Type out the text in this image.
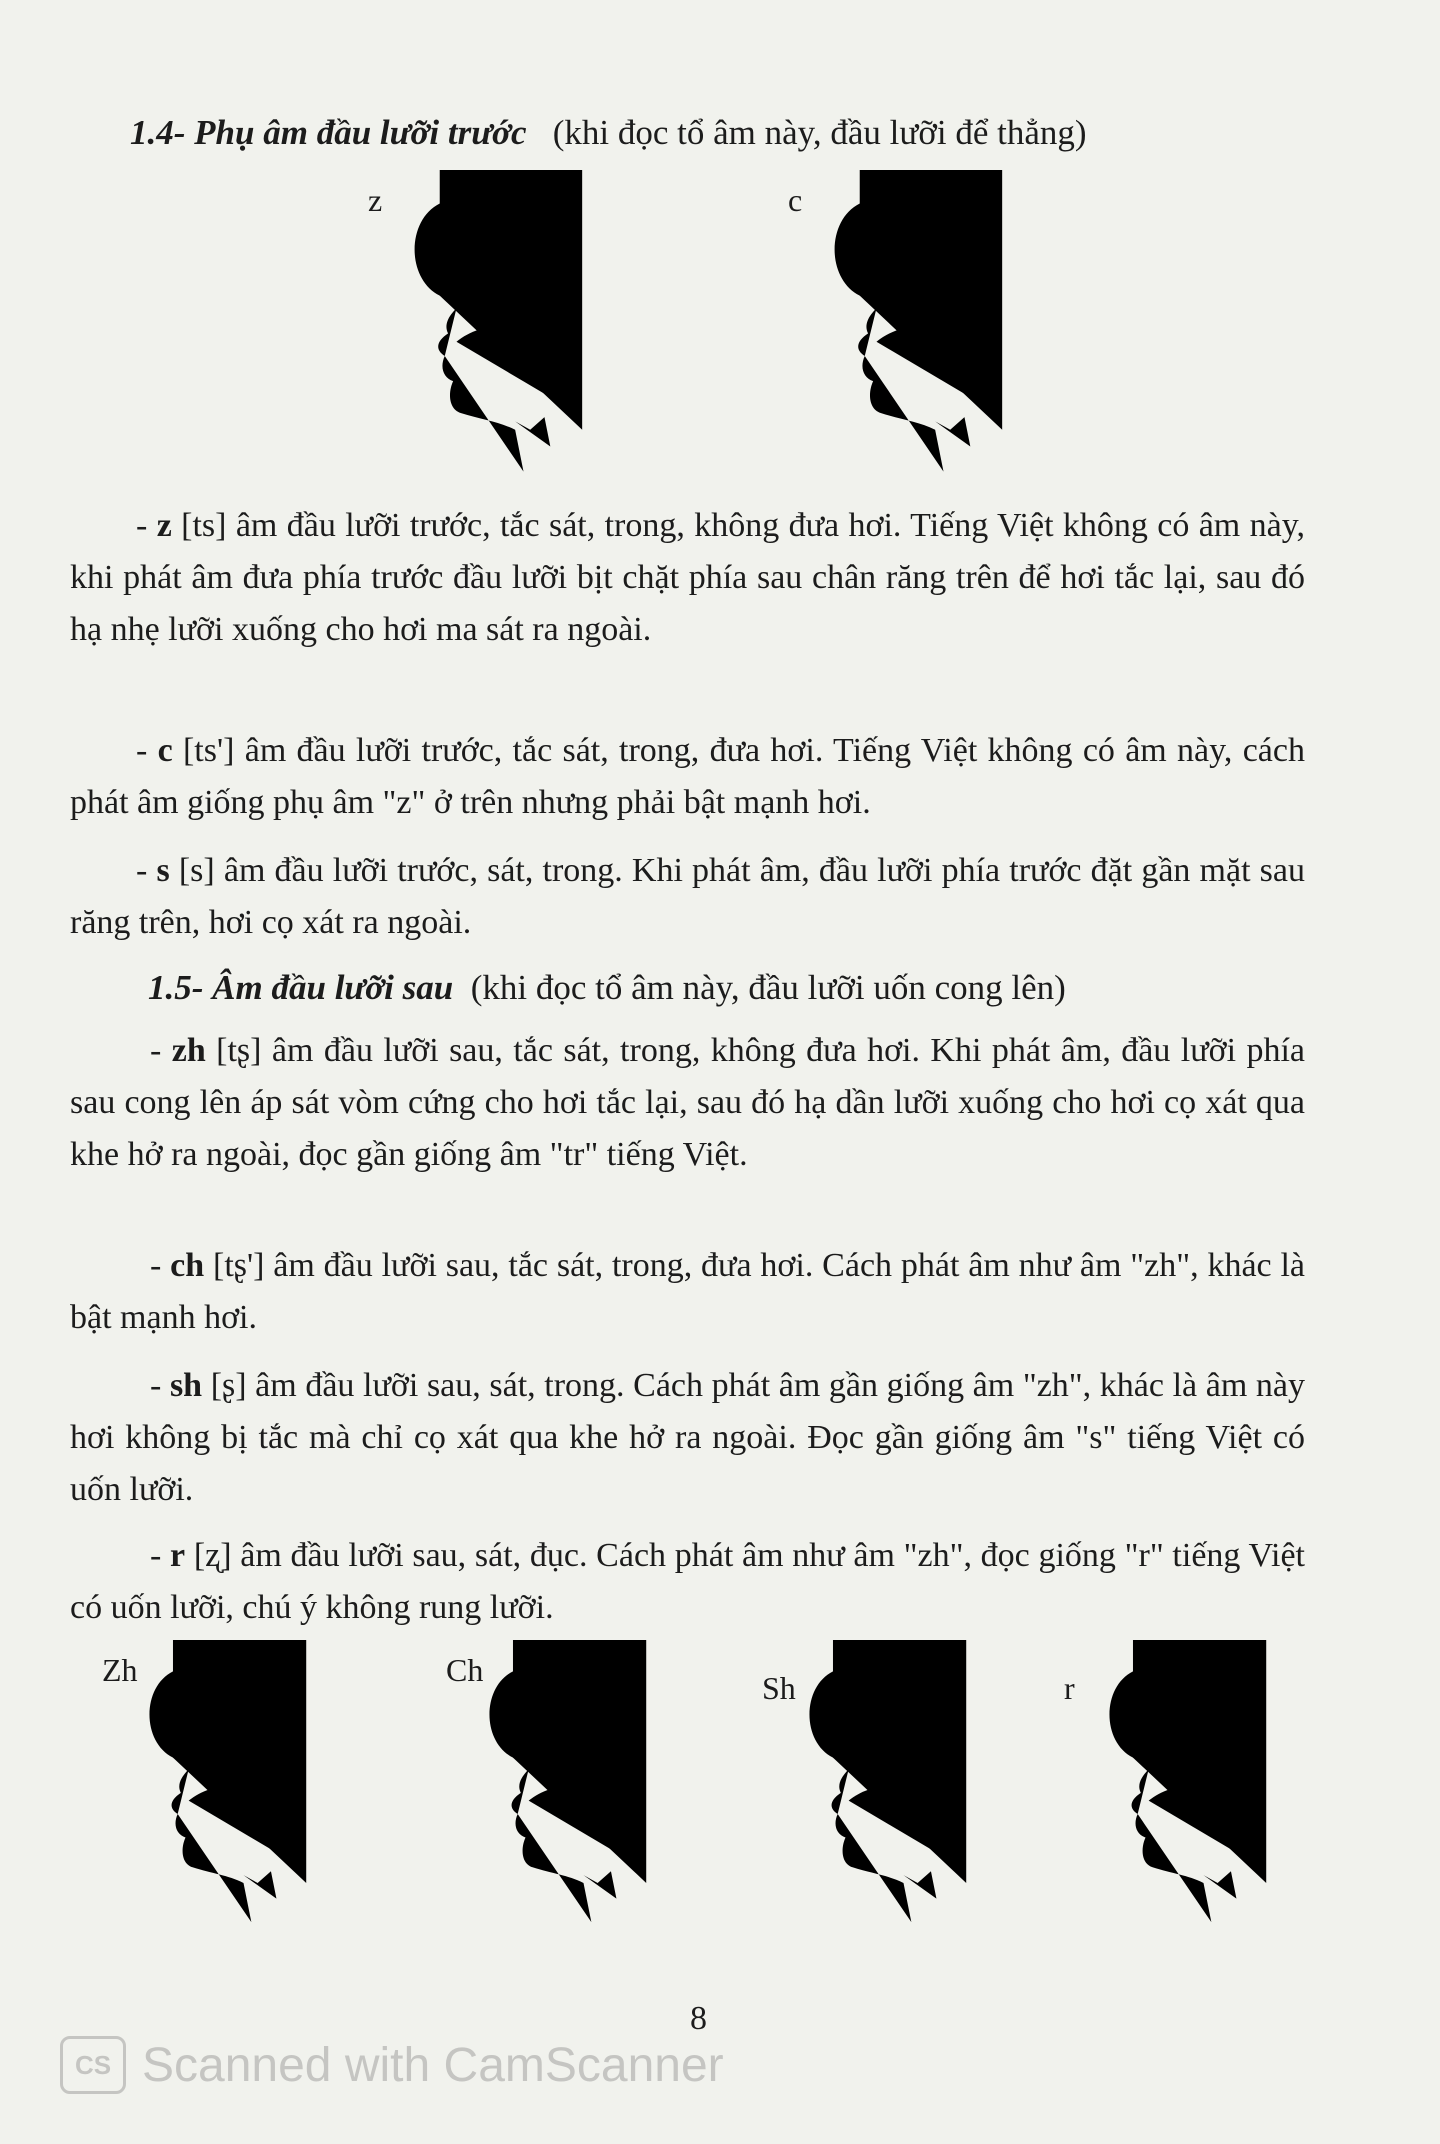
1.4- Phụ âm đầu lưỡi trước (khi đọc tổ âm này, đầu lưỡi để thẳng)
z	c
- z [ts] âm đầu lưỡi trước, tắc sát, trong, không đưa hơi. Tiếng Việt không có âm này, khi phát âm đưa phía trước đầu lưỡi bịt chặt phía sau chân răng trên để hơi tắc lại, sau đó hạ nhẹ lưỡi xuống cho hơi ma sát ra ngoài.
- c [ts'] âm đầu lưỡi trước, tắc sát, trong, đưa hơi. Tiếng Việt không có âm này, cách phát âm giống phụ âm "z" ở trên nhưng phải bật mạnh hơi.
- s [s] âm đầu lưỡi trước, sát, trong. Khi phát âm, đầu lưỡi phía trước đặt gần mặt sau răng trên, hơi cọ xát ra ngoài.
1.5- Âm đầu lưỡi sau (khi đọc tổ âm này, đầu lưỡi uốn cong lên)
- zh [tʂ] âm đầu lưỡi sau, tắc sát, trong, không đưa hơi. Khi phát âm, đầu lưỡi phía sau cong lên áp sát vòm cứng cho hơi tắc lại, sau đó hạ dần lưỡi xuống cho hơi cọ xát qua khe hở ra ngoài, đọc gần giống âm "tr" tiếng Việt.
- ch [tʂ'] âm đầu lưỡi sau, tắc sát, trong, đưa hơi. Cách phát âm như âm "zh", khác là bật mạnh hơi.
- sh [ʂ] âm đầu lưỡi sau, sát, trong. Cách phát âm gần giống âm "zh", khác là âm này hơi không bị tắc mà chỉ cọ xát qua khe hở ra ngoài. Đọc gần giống âm "s" tiếng Việt có uốn lưỡi.
- r [ʐ] âm đầu lưỡi sau, sát, đục. Cách phát âm như âm "zh", đọc giống "r" tiếng Việt có uốn lưỡi, chú ý không rung lưỡi.
Zh	Ch	Sh	r
8
CS Scanned with CamScanner
